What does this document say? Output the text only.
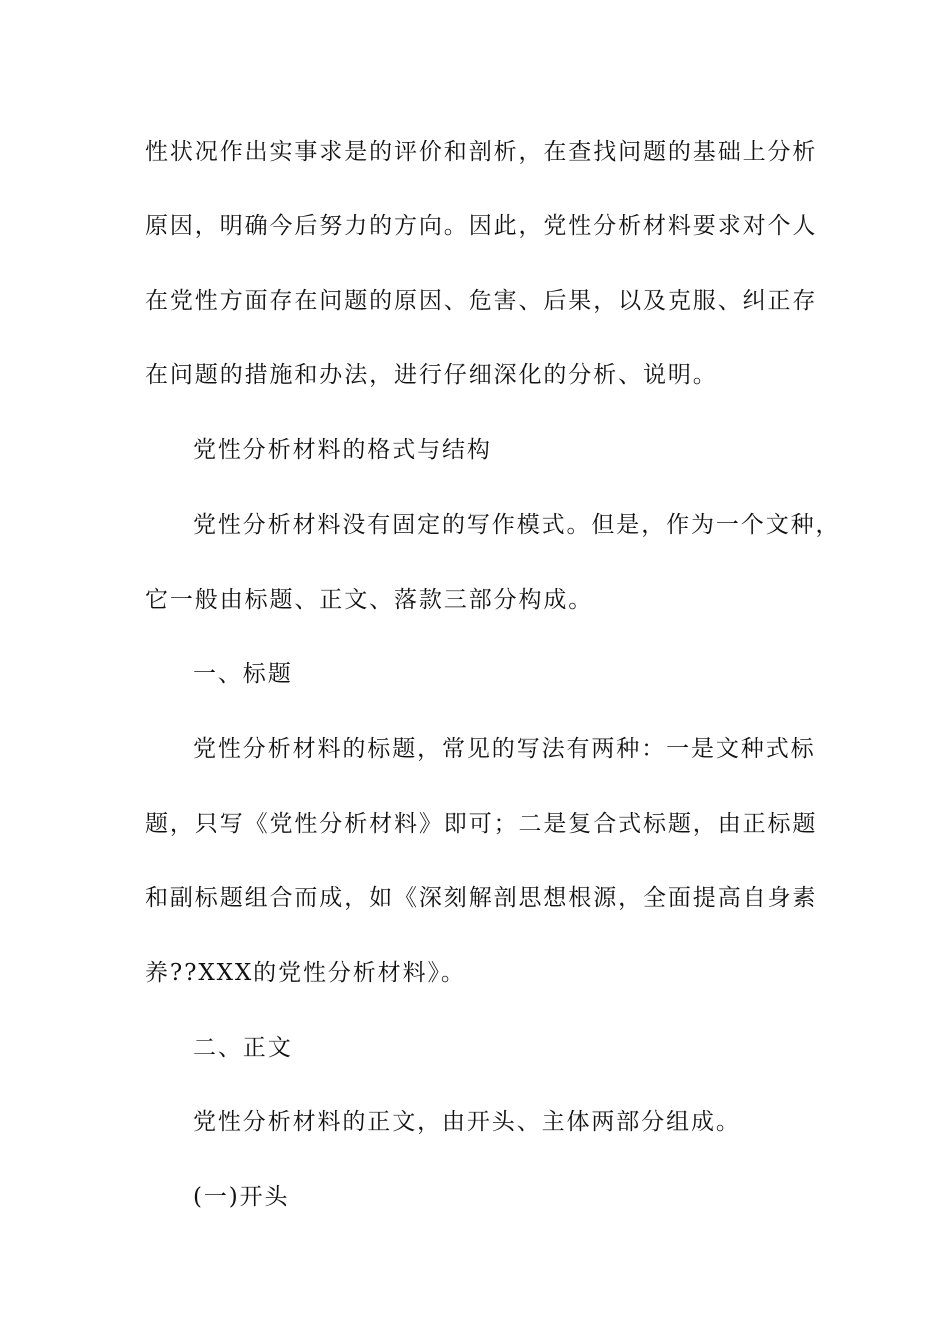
性状况作出实事求是的评价和剖析，在查找问题的基础上分析
原因，明确今后努力的方向。因此，党性分析材料要求对个人
在党性方面存在问题的原因、危害、后果，以及克服、纠正存
在问题的措施和办法，进行仔细深化的分析、说明。
党性分析材料的格式与结构
党性分析材料没有固定的写作模式。但是，作为一个文种，
它一般由标题、正文、落款三部分构成。
一、标题
党性分析材料的标题，常见的写法有两种：一是文种式标
题，只写《党性分析材料》即可；二是复合式标题，由正标题
和副标题组合而成，如《深刻解剖思想根源，全面提高自身素
养??XXX的党性分析材料》。
二、正文
党性分析材料的正文，由开头、主体两部分组成。
(一)开头
